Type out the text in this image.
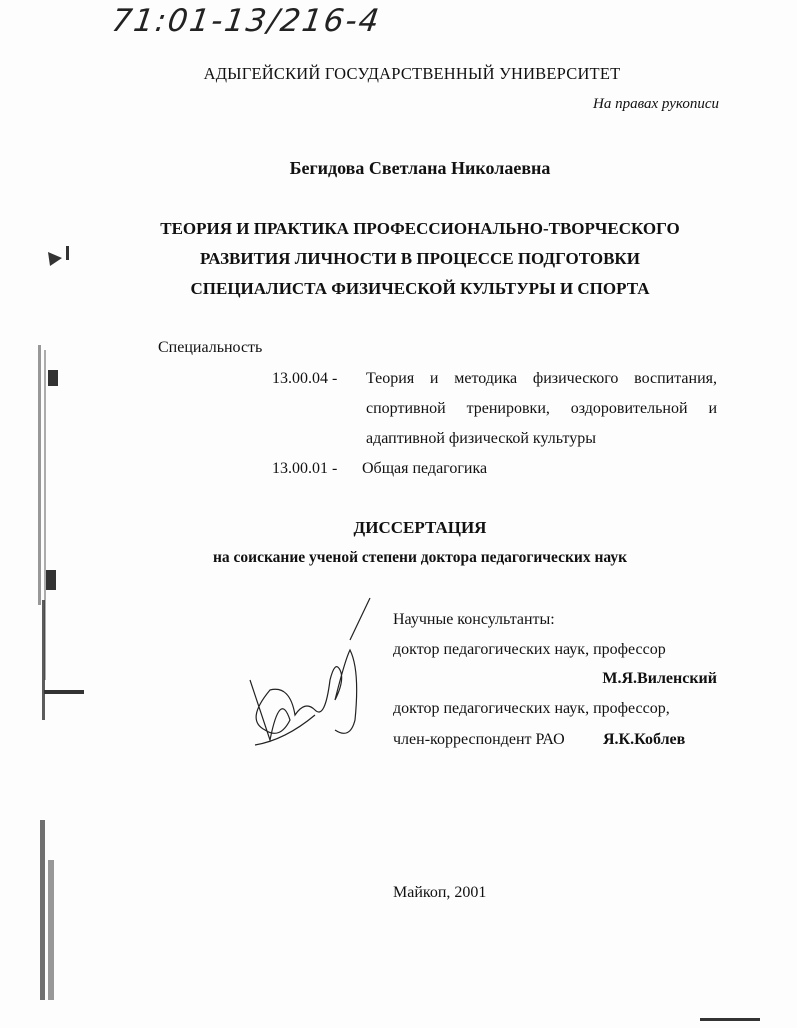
71:01-13/216-4
АДЫГЕЙСКИЙ ГОСУДАРСТВЕННЫЙ УНИВЕРСИТЕТ
На правах рукописи
Бегидова Светлана Николаевна
ТЕОРИЯ И ПРАКТИКА ПРОФЕССИОНАЛЬНО-ТВОРЧЕСКОГО
РАЗВИТИЯ ЛИЧНОСТИ В ПРОЦЕССЕ ПОДГОТОВКИ
СПЕЦИАЛИСТА ФИЗИЧЕСКОЙ КУЛЬТУРЫ И СПОРТА
Специальность
13.00.04 - Теория и методика физического воспитания,
спортивной тренировки, оздоровительной и
адаптивной физической культуры
13.00.01 - Общая педагогика
ДИССЕРТАЦИЯ
на соискание ученой степени доктора педагогических наук
Научные консультанты:
доктор педагогических наук, профессор
М.Я.Виленский
доктор педагогических наук, профессор,
член-корреспондент РАО Я.К.Коблев
Майкоп, 2001
